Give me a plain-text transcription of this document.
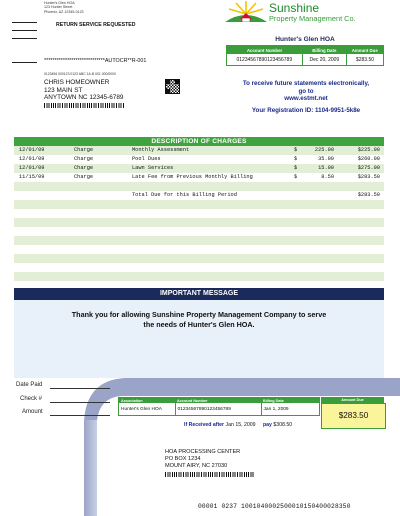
Hunter's Glen HOA
123 Hunter Street
Phoenix, AZ 12345-0123
RETURN SERVICE REQUESTED
*****************************AUTOCR**R-001
0123456 000123 0123 ABC 1A-B 001 000/0000
CHRIS HOMEOWNER
123 MAIN ST
ANYTOWN NC 12345-6789
Sunshine
Property Management Co.
Hunter's Glen HOA
Account Number	Billing Date	Amount Due
01234567890123456789	Dec 20, 2009	$283.50
To receive future statements electronically,
go to
www.estmt.net
Your Registration ID: 1104-9951-5k8e
DESCRIPTION OF CHARGES
12/01/09	Charge	Monthly Assessment	$	225.00	$225.00
12/01/09	Charge	Pool Dues	$	35.00	$260.00
12/01/09	Charge	Lawn Services	$	15.00	$275.00
11/15/09	Charge	Late Fee from Previous Monthly Billing	$	8.50	$283.50
Total Due for this Billing Period	$283.50
IMPORTANT MESSAGE
Thank you for allowing Sunshine Property Management Company to serve
the needs of Hunter's Glen HOA.
Date Paid
Check #
Amount
Association	Account Number	Billing Date
Hunter's Glen HOA	01234567890123456789	Jan 1, 2009
Amount Due
$283.50
If Received after Jan 15, 2009 pay $308.50
HOA PROCESSING CENTER
PO BOX 1234
MOUNT AIRY, NC 27030
00001 0237 1001040002500010150400028350
